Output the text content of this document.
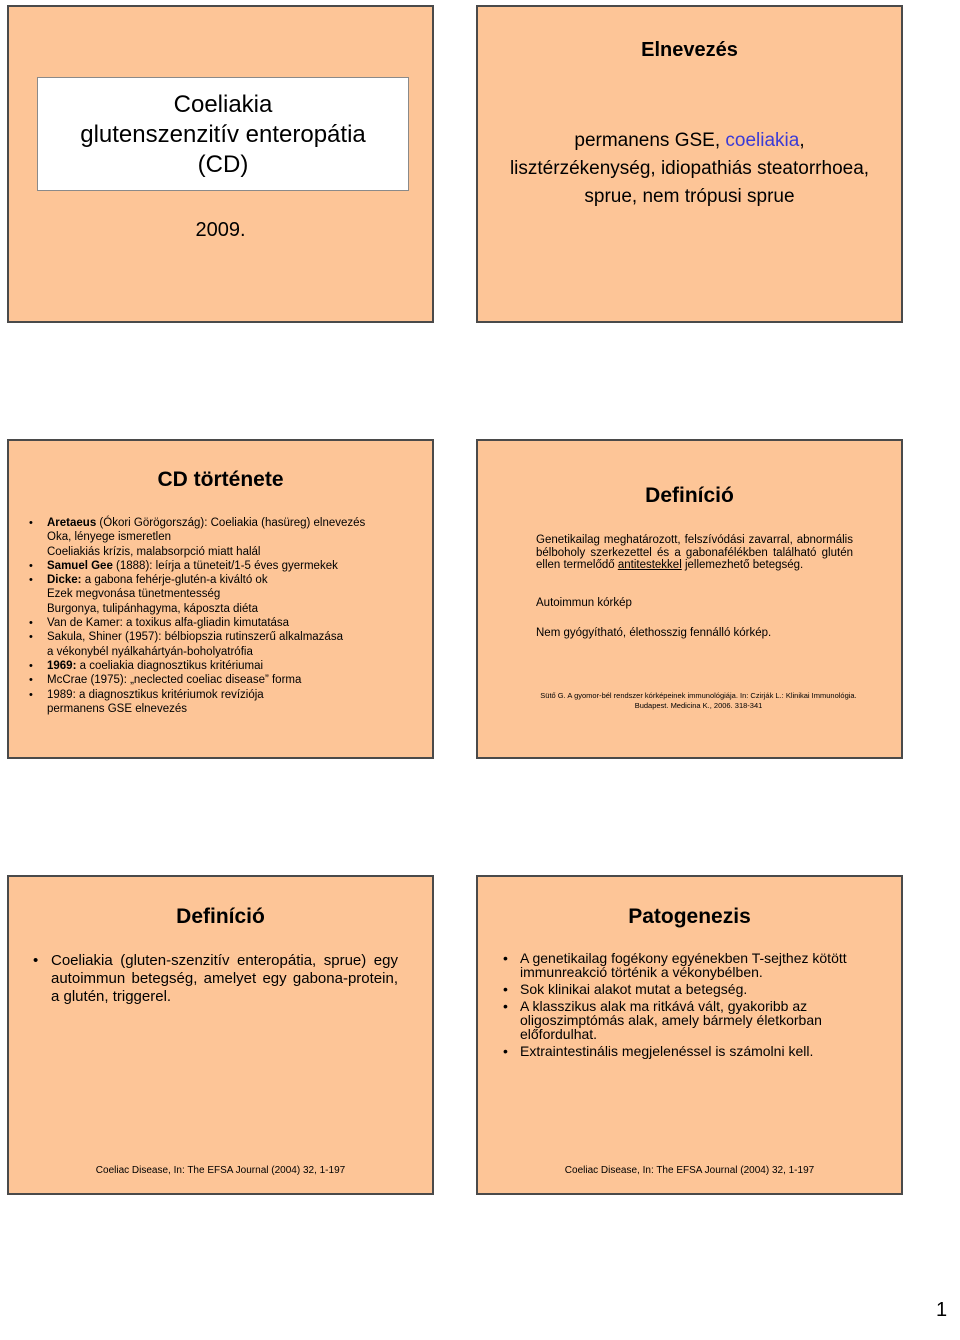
Coeliakia
glutenszenzitív enteropátia
(CD)
2009.
Elnevezés
permanens GSE, coeliakia,
lisztérzékenység, idiopathiás steatorrhoea,
sprue, nem trópusi sprue
CD története
• Aretaeus (Ókori Görögország): Coeliakia (hasüreg) elnevezés
Oka, lényege ismeretlen
Coeliakiás krízis, malabsorpció miatt halál
• Samuel Gee (1888): leírja a tüneteit/1-5 éves gyermekek
• Dicke: a gabona fehérje-glutén-a kiváltó ok
Ezek megvonása tünetmentesség
Burgonya, tulipánhagyma, káposzta diéta
• Van de Kamer: a toxikus alfa-gliadin kimutatása
• Sakula, Shiner (1957): bélbiopszia rutinszerű alkalmazása
a vékonybél nyálkahártyán-boholyatrófia
• 1969: a coeliakia diagnosztikus kritériumai
• McCrae (1975): „neclected coeliac disease” forma
• 1989: a diagnosztikus kritériumok revíziója
permanens GSE elnevezés
Definíció
Genetikailag meghatározott, felszívódási zavarral, abnormális bélboholy szerkezettel és a gabonafélékben található glutén ellen termelődő antitestekkel jellemezhető betegség.
Autoimmun kórkép
Nem gyógyítható, élethosszig fennálló kórkép.
Sütő G. A gyomor-bél rendszer kórképeinek immunológiája. In: Czirják L.: Klinikai Immunológia.
Budapest. Medicina K., 2006. 318-341
Definíció
• Coeliakia (gluten-szenzitív enteropátia, sprue) egy autoimmun betegség, amelyet egy gabona-protein, a glutén, triggerel.
Coeliac Disease, In: The EFSA Journal (2004) 32, 1-197
Patogenezis
• A genetikailag fogékony egyénekben T-sejthez kötött immunreakció történik a vékonybélben.
• Sok klinikai alakot mutat a betegség.
• A klasszikus alak ma ritkává vált, gyakoribb az oligoszimptómás alak, amely bármely életkorban előfordulhat.
• Extraintestinális megjelenéssel is számolni kell.
Coeliac Disease, In: The EFSA Journal (2004) 32, 1-197
1
